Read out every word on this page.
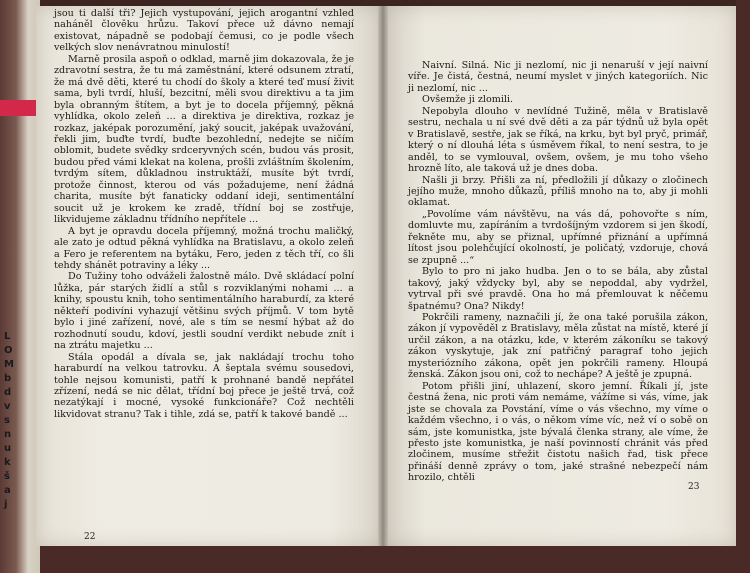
L
O
M
b
d
v
s
n
u
k
š
a
j

jsou ti další tři? Jejich vystupování, jejich arogantní vzhled naháněl člověku hrůzu. Takoví přece už dávno nemají existovat, nápadně se podobají čemusi, co je podle všech velkých slov nenávratnou minulostí!

Marně prosila aspoň o odklad, marně jim dokazovala, že je zdravotní sestra, že tu má zaměstnání, které odsunem ztratí, že má dvě děti, které tu chodí do školy a které teď musí živit sama, byli tvrdí, hluší, bezcitní, měli svou direktivu a ta jim byla obranným štítem, a byt je to docela příjemný, pěkná vyhlídka, okolo zeleň ... a direktiva je direktiva, rozkaz je rozkaz, jaképak porozumění, jaký soucit, jaképak uvažování, řekli jim, buďte tvrdí, buďte bezohlední, nedejte se ničím oblomit, budete svědky srdceryvných scén, budou vás prosit, budou před vámi klekat na kolena, prošli zvláštním školením, tvrdým sítem, důkladnou instruktáží, musíte být tvrdí, protože činnost, kterou od vás požadujeme, není žádná charita, musíte být fanaticky oddaní ideji, sentimentální soucit už je krokem ke zradě, třídní boj se zostřuje, likvidujeme základnu třídního nepřítele ...

A byt je opravdu docela příjemný, možná trochu maličký, ale zato je odtud pěkná vyhlídka na Bratislavu, a okolo zeleň a Fero je referentem na bytáku, Fero, jeden z těch tří, co šli tehdy shánět potraviny a léky ...

Do Tužiny toho odváželi žalostně málo. Dvě skládací polní lůžka, pár starých židlí a stůl s rozviklanými nohami ... a knihy, spoustu knih, toho sentimentálního haraburdí, za které někteří podivíni vyhazují většinu svých příjmů. V tom bytě bylo i jiné zařízení, nové, ale s tím se nesmí hýbat až do rozhodnutí soudu, kdoví, jestli soudní verdikt nebude znít i na ztrátu majetku ...

Stála opodál a dívala se, jak nakládají trochu toho haraburdí na velkou tatrovku. A šeptala svému sousedovi, tohle nejsou komunisti, patří k prohnané bandě nepřátel zřízení, nedá se nic dělat, třídní boj přece je ještě trvá, což nezatýkají i mocné, vysoké funkcionáře? Což nechtěli likvidovat stranu? Tak i tihle, zdá se, patří k takové bandě ...

22

Naivní. Silná. Nic ji nezlomí, nic ji nenaruší v její naivní víře. Je čistá, čestná, neumí myslet v jiných kategoriích. Nic ji nezlomí, nic ...

Ovšemže ji zlomili.

Nepobyla dlouho v nevlídné Tužině, měla v Bratislavě sestru, nechala u ní své dvě děti a za pár týdnů už byla opět v Bratislavě, sestře, jak se říká, na krku, byt byl pryč, primář, který o ní dlouhá léta s úsměvem říkal, to není sestra, to je anděl, to se vymlouval, ovšem, ovšem, je mu toho všeho hrozně líto, ale taková už je dnes doba.

Našli ji brzy. Přišli za ní, předložili jí důkazy o zločinech jejího muže, mnoho důkazů, příliš mnoho na to, aby ji mohli oklamat.

„Povolíme vám návštěvu, na vás dá, pohovořte s ním, domluvte mu, zapíráním a tvrdošíjným vzdorem si jen škodí, řekněte mu, aby se přiznal, upřímné přiznání a upřímná lítost jsou polehčující okolností, je poličatý, vzdoruje, chová se zpupně ...“

Bylo to pro ni jako hudba. Jen o to se bála, aby zůstal takový, jaký vždycky byl, aby se nepoddal, aby vydržel, vytrval při své pravdě. Ona ho má přemlouvat k něčemu špatnému? Ona? Nikdy!

Pokrčili rameny, naznačili jí, že ona také porušila zákon, zákon jí vypověděl z Bratislavy, měla zůstat na místě, které jí určil zákon, a na otázku, kde, v kterém zákoníku se takový zákon vyskytuje, jak zní patřičný paragraf toho jejich mysteriózního zákona, opět jen pokrčili rameny. Hloupá ženská. Zákon jsou oni, což to nechápe? A ještě je zpupná.

Potom přišli jiní, uhlazení, skoro jemní. Říkali jí, jste čestná žena, nic proti vám nemáme, vážíme si vás, víme, jak jste se chovala za Povstání, víme o vás všechno, my víme o každém všechno, i o vás, o někom víme víc, než ví o sobě on sám, jste komunistka, jste bývalá členka strany, ale víme, že přesto jste komunistka, je naší povinností chránit vás před zločinem, musíme střežit čistotu našich řad, tisk přece přináší denně zprávy o tom, jaké strašné nebezpečí nám hrozilo, chtěli

23
